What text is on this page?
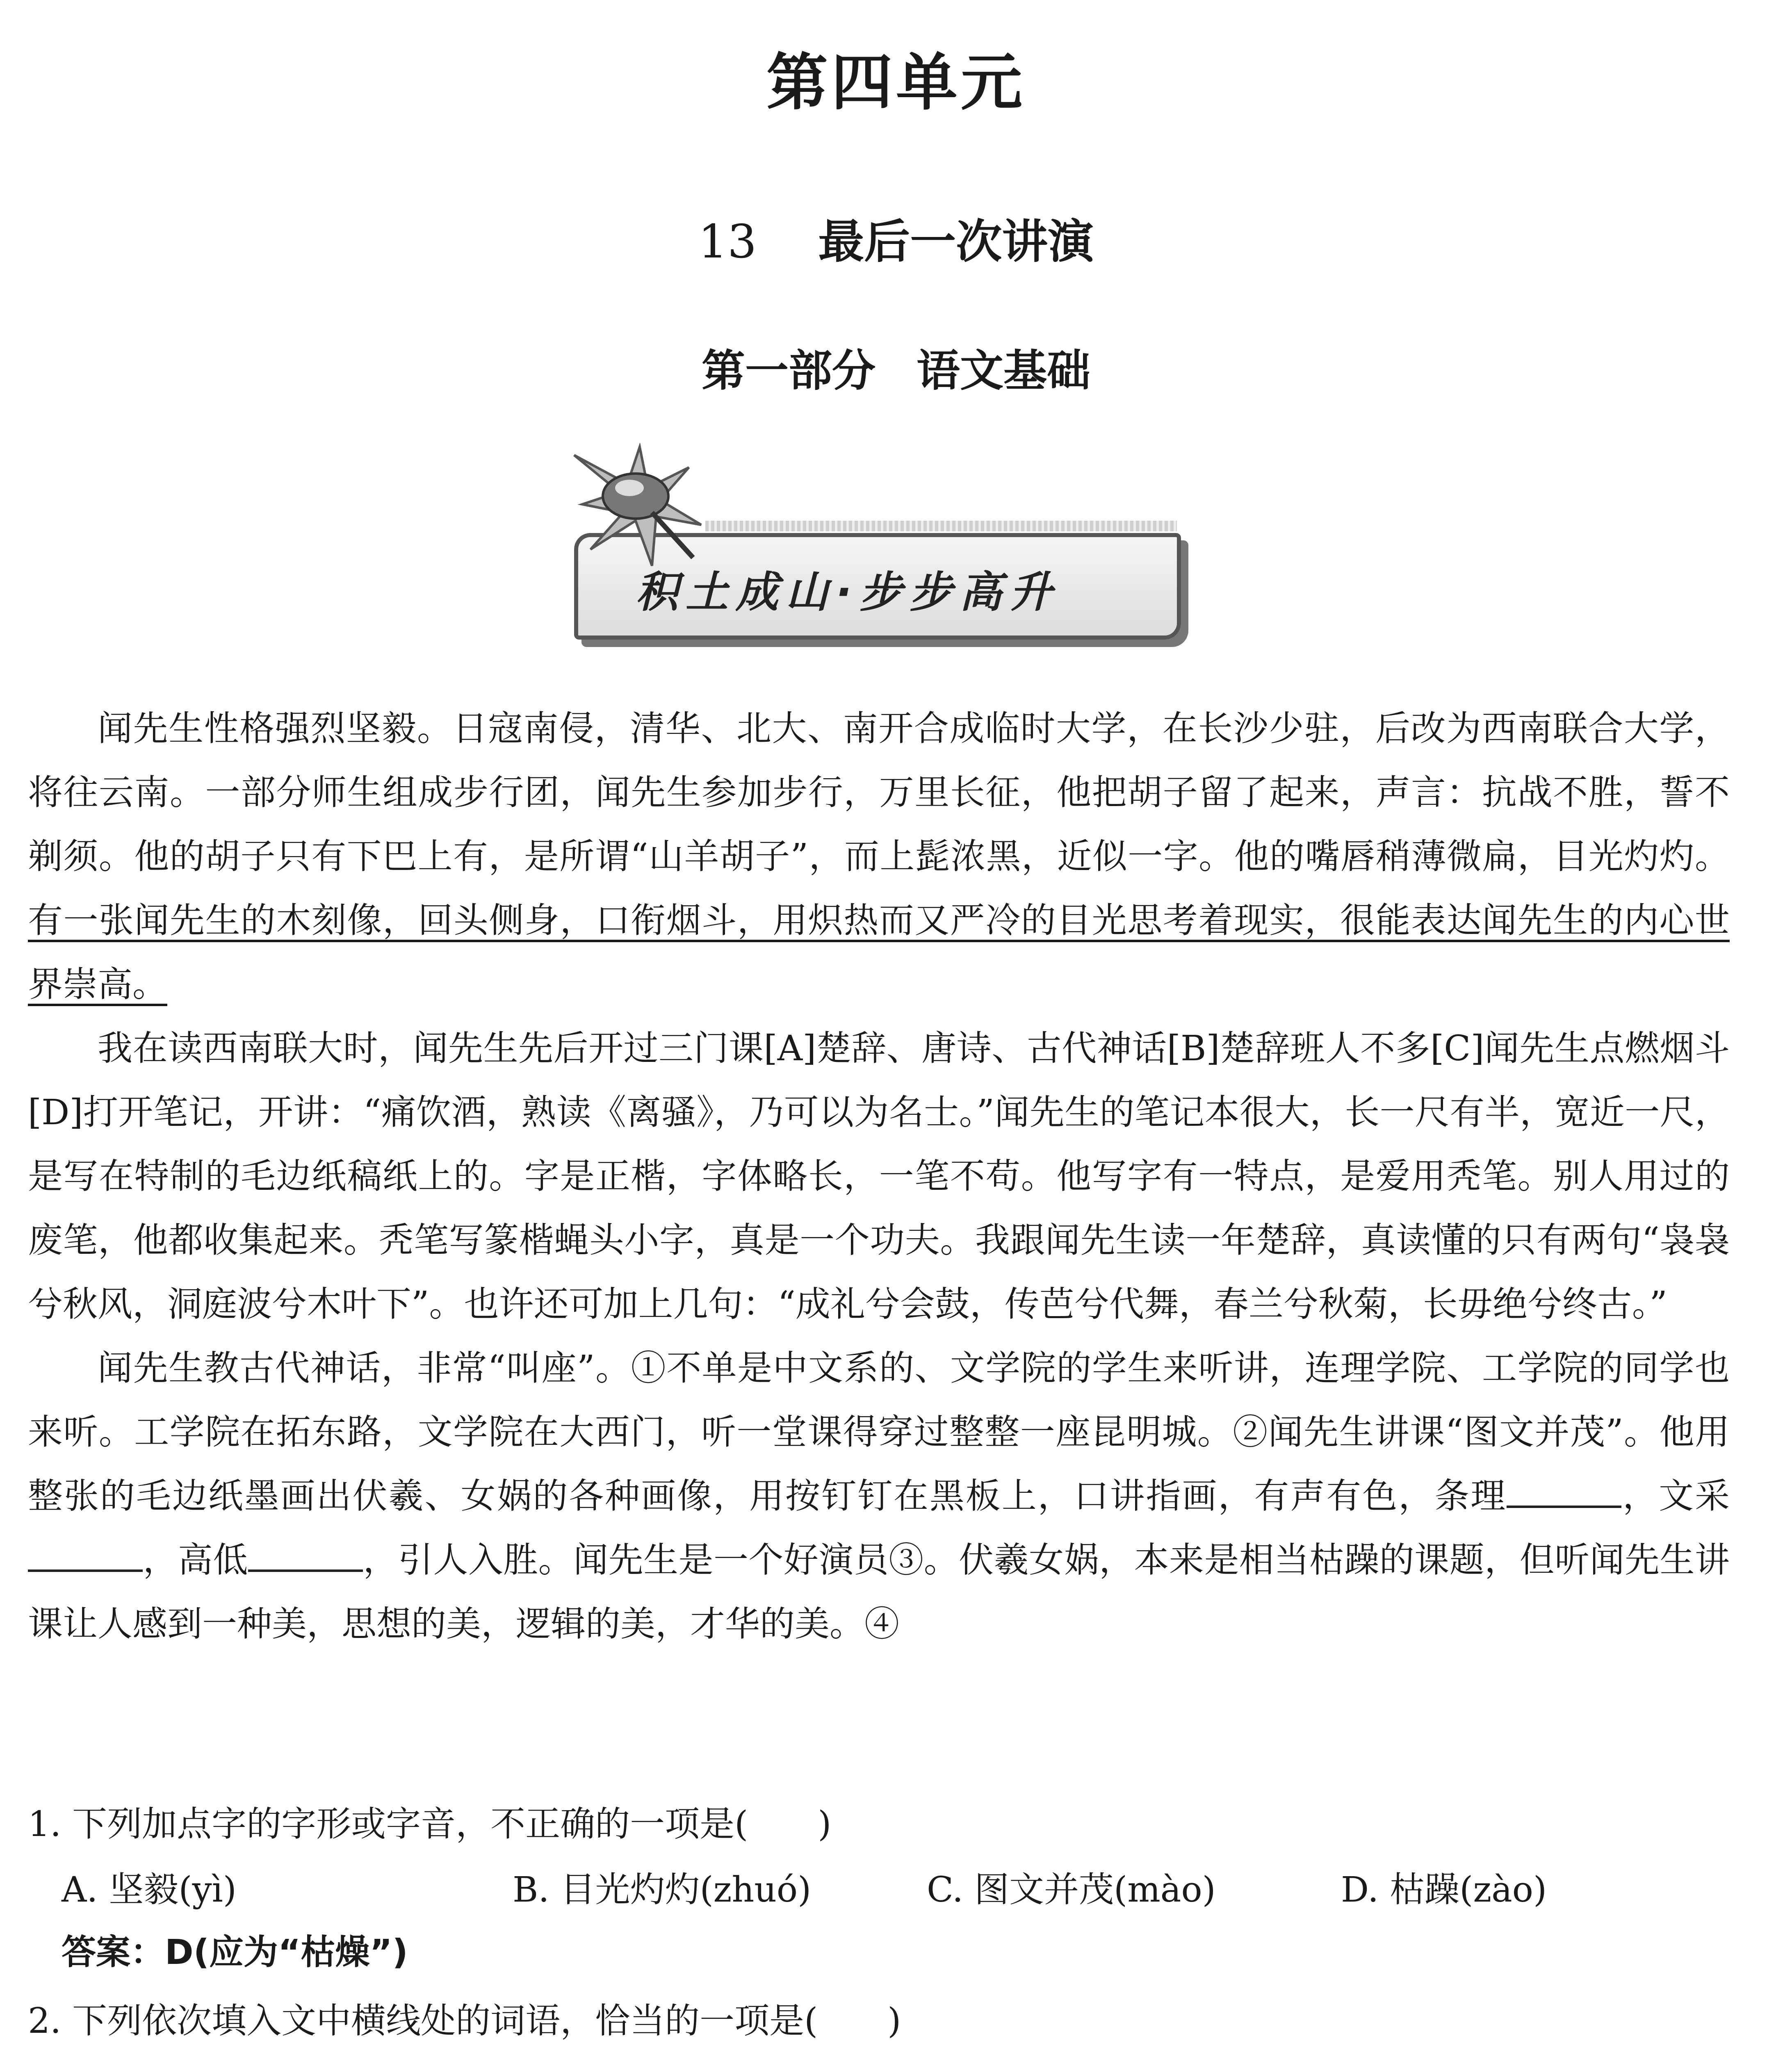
第四单元
13 最后一次讲演
第一部分 语文基础
积土成山·步步高升

闻先生性格强烈坚毅。日寇南侵，清华、北大、南开合成临时大学，在长沙少驻，后改为西南联合大学，将往云南。一部分师生组成步行团，闻先生参加步行，万里长征，他把胡子留了起来，声言：抗战不胜，誓不剃须。他的胡子只有下巴上有，是所谓“山羊胡子”，而上髭浓黑，近似一字。他的嘴唇稍薄微扁，目光灼灼。有一张闻先生的木刻像，回头侧身，口衔烟斗，用炽热而又严冷的目光思考着现实，很能表达闻先生的内心世界崇高。

我在读西南联大时，闻先生先后开过三门课[A]楚辞、唐诗、古代神话[B]楚辞班人不多[C]闻先生点燃烟斗[D]打开笔记，开讲：“痛饮酒，熟读《离骚》，乃可以为名士。”闻先生的笔记本很大，长一尺有半，宽近一尺，是写在特制的毛边纸稿纸上的。字是正楷，字体略长，一笔不苟。他写字有一特点，是爱用秃笔。别人用过的废笔，他都收集起来。秃笔写篆楷蝇头小字，真是一个功夫。我跟闻先生读一年楚辞，真读懂的只有两句“袅袅兮秋风，洞庭波兮木叶下”。也许还可加上几句：“成礼兮会鼓，传芭兮代舞，春兰兮秋菊，长毋绝兮终古。”

闻先生教古代神话，非常“叫座”。①不单是中文系的、文学院的学生来听讲，连理学院、工学院的同学也来听。工学院在拓东路，文学院在大西门，听一堂课得穿过整整一座昆明城。②闻先生讲课“图文并茂”。他用整张的毛边纸墨画出伏羲、女娲的各种画像，用按钉钉在黑板上，口讲指画，有声有色，条理	，文采，高低	，引人入胜。闻先生是一个好演员③。伏羲女娲，本来是相当枯躁的课题，但听闻先生讲课让人感到一种美，思想的美，逻辑的美，才华的美。④

1. 下列加点字的字形或字音，不正确的一项是(　　)
A. 坚毅(yì)	B. 目光灼灼(zhuó)	C. 图文并茂(mào)	D. 枯躁(zào)
答案：D(应为“枯燥”)
2. 下列依次填入文中横线处的词语，恰当的一项是(　　)
